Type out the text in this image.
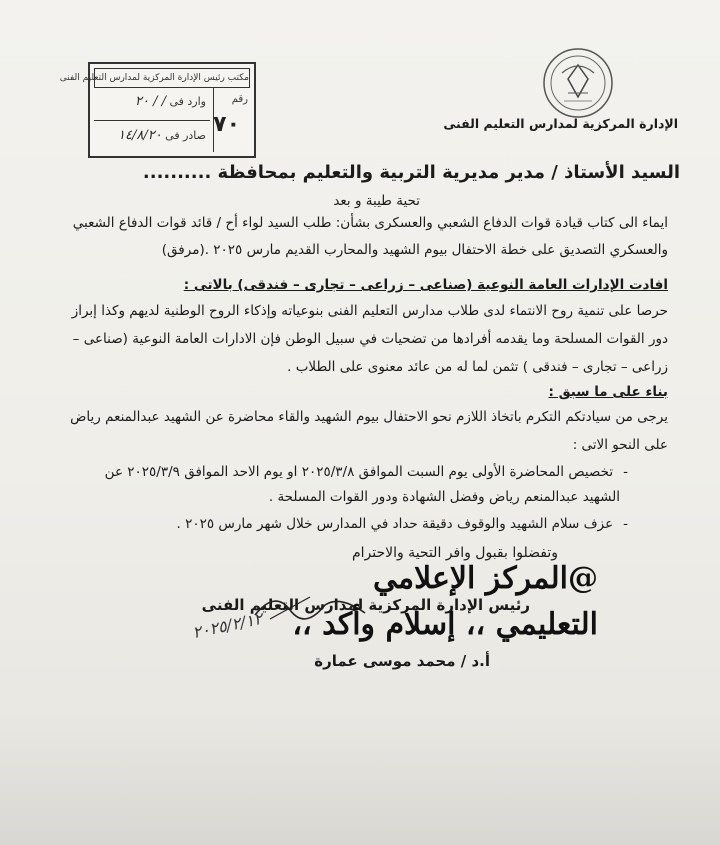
الإدارة المركزية لمدارس التعليم الفنى
مكتب رئيس الإدارة المركزية لمدارس التعليم الفنى
رقم
٧٠
وارد فى / / ٢٠
صادر فى ١٤/٨/٢٠
السيد الأستاذ / مدير مديرية التربية والتعليم بمحافظة ..........
تحية طيبة و بعد
ايماء الى كتاب قيادة قوات الدفاع الشعبي والعسكرى بشأن: طلب السيد لواء أح / قائد قوات الدفاع الشعبي
والعسكري التصديق على خطة الاحتفال بيوم الشهيد والمحارب القديم مارس ٢٠٢٥ .(مرفق)
افادت الإدارات العامة النوعية (صناعى – زراعى – تجارى – فندقى) بالاتى :
حرصا على تنمية روح الانتماء لدى طلاب مدارس التعليم الفنى بنوعياته وإذكاء الروح الوطنية لديهم وكذا إبراز
دور القوات المسلحة وما يقدمه أفرادها من تضحيات في سبيل الوطن فإن الادارات العامة النوعية (صناعى –
زراعى – تجارى – فندقى ) تثمن لما له من عائد معنوى على الطلاب .
بناء على ما سبق :
يرجى من سيادتكم التكرم باتخاذ اللازم نحو الاحتفال بيوم الشهيد والقاء محاضرة عن الشهيد عبدالمنعم رياض
على النحو الاتى :
-تخصيص المحاضرة الأولى يوم السبت الموافق ٢٠٢٥/٣/٨ او يوم الاحد الموافق ٢٠٢٥/٣/٩ عن
الشهيد عبدالمنعم رياض وفضل الشهادة ودور القوات المسلحة .
-عزف سلام الشهيد والوقوف دقيقة حداد في المدارس خلال شهر مارس ٢٠٢٥ .
وتفضلوا بقبول وافر التحية والاحترام
رئيس الإدارة المركزية لمدارس التعليم الفنى
٢٠٢٥/٢/١٢
أ.د / محمد موسى عمارة
@المركز الإعلامي
التعليمي ،، إسلام وأكد ،،
